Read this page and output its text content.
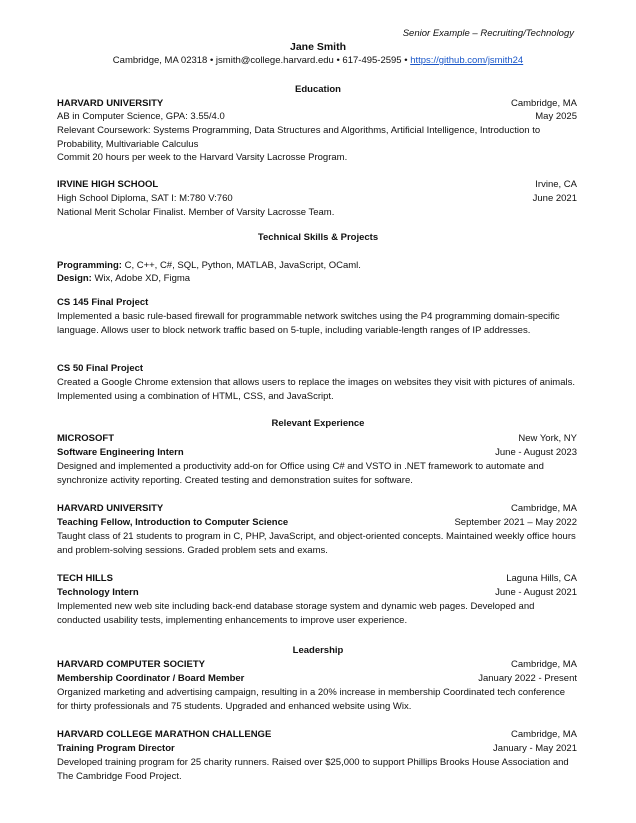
Senior Example – Recruiting/Technology
Jane Smith
Cambridge, MA 02318 • jsmith@college.harvard.edu • 617-495-2595 • https://github.com/jsmith24
Education
HARVARD UNIVERSITY	Cambridge, MA
AB in Computer Science, GPA: 3.55/4.0	May 2025
Relevant Coursework: Systems Programming, Data Structures and Algorithms, Artificial Intelligence, Introduction to Probability, Multivariable Calculus
Commit 20 hours per week to the Harvard Varsity Lacrosse Program.
IRVINE HIGH SCHOOL	Irvine, CA
High School Diploma, SAT I: M:780 V:760	June 2021
National Merit Scholar Finalist. Member of Varsity Lacrosse Team.
Technical Skills & Projects
Programming: C, C++, C#, SQL, Python, MATLAB, JavaScript, OCaml.
Design: Wix, Adobe XD, Figma
CS 145 Final Project
Implemented a basic rule-based firewall for programmable network switches using the P4 programming domain-specific language. Allows user to block network traffic based on 5-tuple, including variable-length ranges of IP addresses.
CS 50 Final Project
Created a Google Chrome extension that allows users to replace the images on websites they visit with pictures of animals. Implemented using a combination of HTML, CSS, and JavaScript.
Relevant Experience
MICROSOFT	New York, NY
Software Engineering Intern	June - August 2023
Designed and implemented a productivity add-on for Office using C# and VSTO in .NET framework to automate and synchronize activity reporting. Created testing and demonstration suites for software.
HARVARD UNIVERSITY	Cambridge, MA
Teaching Fellow, Introduction to Computer Science	September 2021 – May 2022
Taught class of 21 students to program in C, PHP, JavaScript, and object-oriented concepts. Maintained weekly office hours and problem-solving sessions. Graded problem sets and exams.
TECH HILLS	Laguna Hills, CA
Technology Intern	June - August 2021
Implemented new web site including back-end database storage system and dynamic web pages. Developed and conducted usability tests, implementing enhancements to improve user experience.
Leadership
HARVARD COMPUTER SOCIETY	Cambridge, MA
Membership Coordinator / Board Member	January 2022 - Present
Organized marketing and advertising campaign, resulting in a 20% increase in membership Coordinated tech conference for thirty professionals and 75 students. Upgraded and enhanced website using Wix.
HARVARD COLLEGE MARATHON CHALLENGE	Cambridge, MA
Training Program Director	January - May 2021
Developed training program for 25 charity runners. Raised over $25,000 to support Phillips Brooks House Association and The Cambridge Food Project.
